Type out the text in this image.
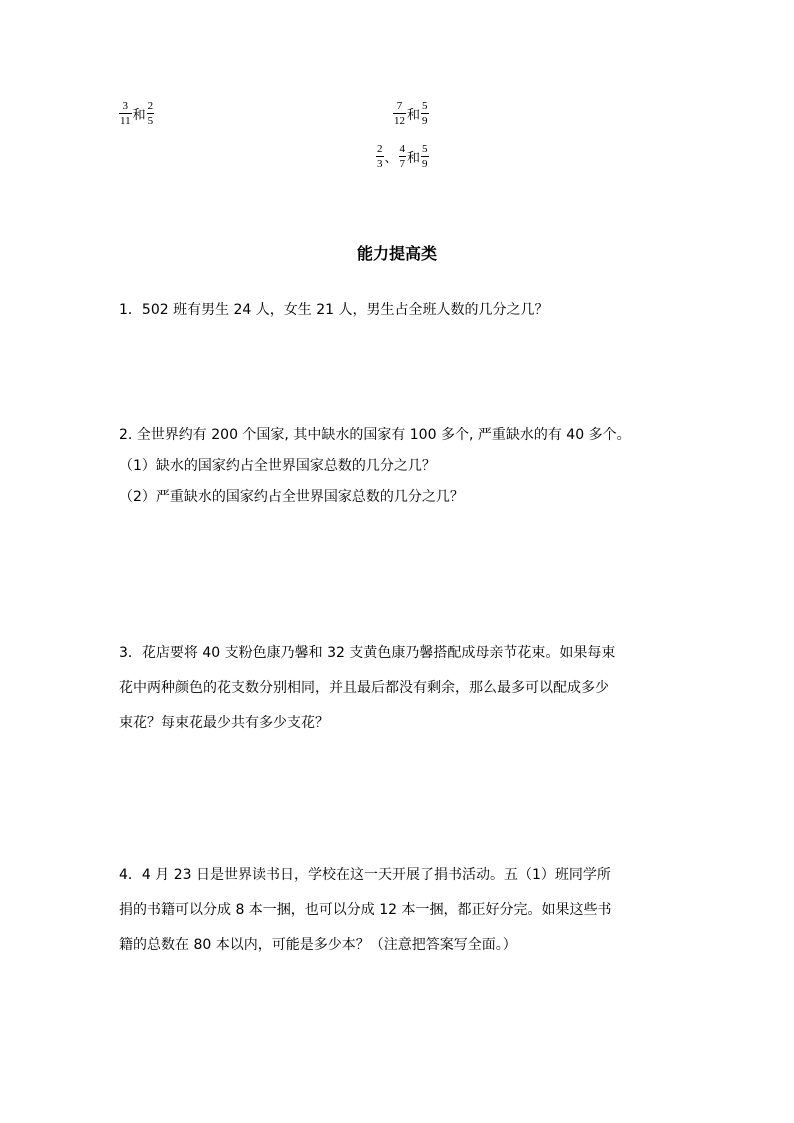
$\frac{3}{11}$ 和 $\frac{2}{5}$	$\frac{7}{12}$ 和 $\frac{5}{9}$
$\frac{2}{3}$ 、 $\frac{4}{7}$ 和 $\frac{5}{9}$
能力提高类
1．502 班有男生 24 人，女生 21 人，男生占全班人数的几分之几？
2. 全世界约有 200 个国家, 其中缺水的国家有 100 多个, 严重缺水的有 40 多个。
（1）缺水的国家约占全世界国家总数的几分之几？
（2）严重缺水的国家约占全世界国家总数的几分之几？
3．花店要将 40 支粉色康乃馨和 32 支黄色康乃馨搭配成母亲节花束。如果每束
花中两种颜色的花支数分别相同，并且最后都没有剩余，那么最多可以配成多少
束花？每束花最少共有多少支花？
4．4 月 23 日是世界读书日，学校在这一天开展了捐书活动。五（1）班同学所
捐的书籍可以分成 8 本一捆，也可以分成 12 本一捆，都正好分完。如果这些书
籍的总数在 80 本以内，可能是多少本？（注意把答案写全面。）
